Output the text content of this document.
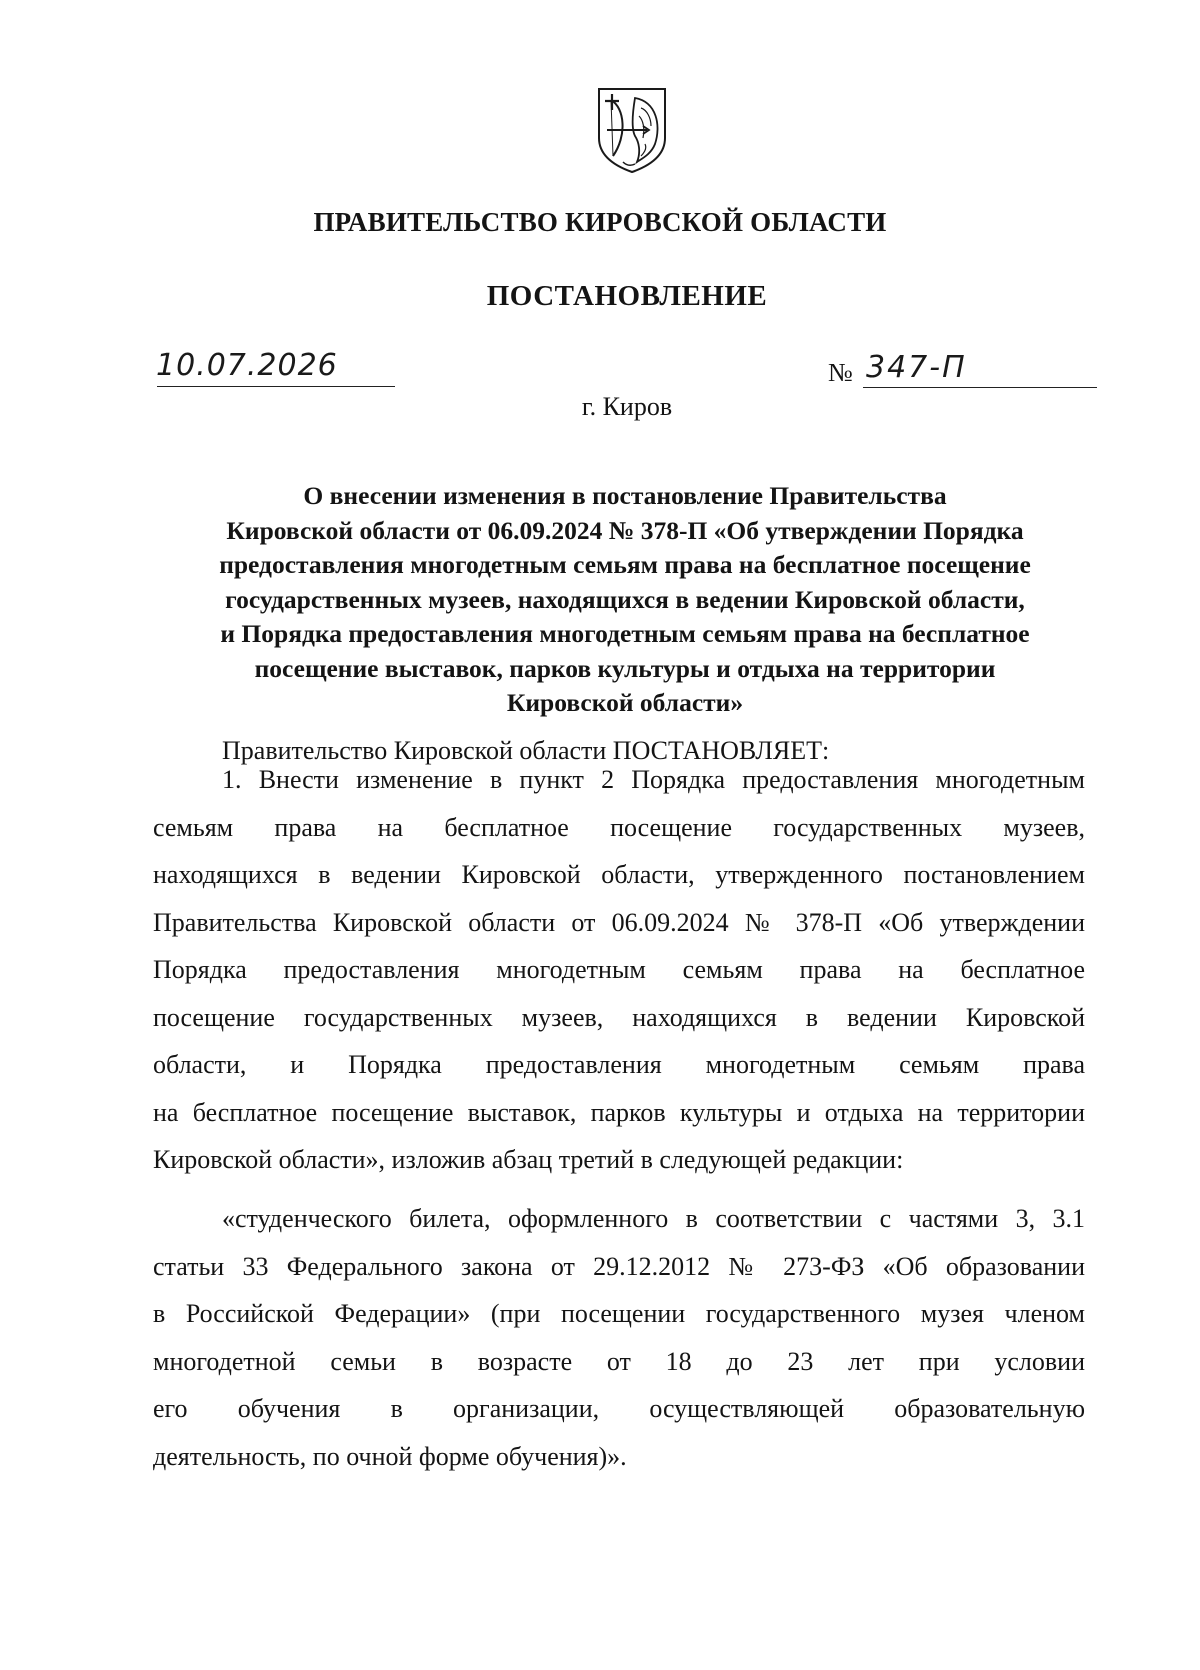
ПРАВИТЕЛЬСТВО КИРОВСКОЙ ОБЛАСТИ
ПОСТАНОВЛЕНИЕ
10.07.2026	№ 347-П
г. Киров
О внесении изменения в постановление Правительства
Кировской области от 06.09.2024 № 378-П «Об утверждении Порядка
предоставления многодетным семьям права на бесплатное посещение
государственных музеев, находящихся в ведении Кировской области,
и Порядка предоставления многодетным семьям права на бесплатное
посещение выставок, парков культуры и отдыха на территории
Кировской области»
Правительство Кировской области ПОСТАНОВЛЯЕТ:
1. Внести изменение в пункт 2 Порядка предоставления многодетным
семьям права на бесплатное посещение государственных музеев,
находящихся в ведении Кировской области, утвержденного постановлением
Правительства Кировской области от 06.09.2024 № 378-П «Об утверждении
Порядка предоставления многодетным семьям права на бесплатное
посещение государственных музеев, находящихся в ведении Кировской
области, и Порядка предоставления многодетным семьям права
на бесплатное посещение выставок, парков культуры и отдыха на территории
Кировской области», изложив абзац третий в следующей редакции:
«студенческого билета, оформленного в соответствии с частями 3, 3.1
статьи 33 Федерального закона от 29.12.2012 № 273-ФЗ «Об образовании
в Российской Федерации» (при посещении государственного музея членом
многодетной семьи в возрасте от 18 до 23 лет при условии
его обучения в организации, осуществляющей образовательную
деятельность, по очной форме обучения)».
